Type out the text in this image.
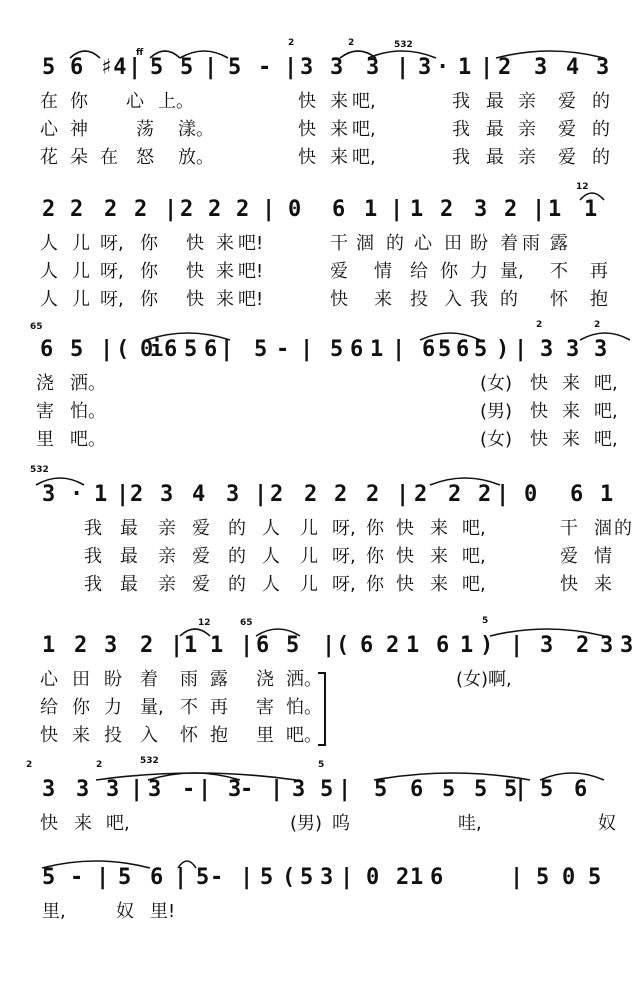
5 6 ♯4 | 5 5 | 5 - | 3 3 3 | 3 · 1 | 2 3 4 3
ff
2	2	532
在 你 心 上。	快 来 吧,	我 最 亲 爱 的
心 神	荡 漾。	快 来 吧,	我 最 亲 爱 的
花 朵 在 怒 放。	快 来 吧,	我 最 亲 爱 的
2 2 2 2 | 2 2 2 | 0 6 1 | 1 2 3 2 | 1 1
12
人 儿 呀, 你 快 来 吧!	干 涸 的 心 田 盼 着 雨 露
人 儿 呀, 你 快 来 吧!	爱 情 给 你 力 量, 不 再
人 儿 呀, 你 快 来 吧!	快 来 投 入 我 的 怀 抱
6 5 | ( 0
i 6 5 6 | 5 - | 5 6 1 | 6 5 6 5 ) | 3 3 3
65	2	2
浇 洒。	(女) 快 来 吧,
害 怕。	(男) 快 来 吧,
里 吧。	(女) 快 来 吧,
3 · 1 | 2 3 4 3 | 2 2 2 2 | 2 2 2 | 0 6 1
532
我 最 亲 爱 的 人 儿 呀, 你 快 来 吧,	干 涸 的
我 最 亲 爱 的 人 儿 呀, 你 快 来 吧,	爱 情
我 最 亲 爱 的 人 儿 呀, 你 快 来 吧,	快 来
1 2 3 2 | 1 1 | 6 5 | ( 6 2 1 6 1 ) | 3 2 3 3
12	65	5
心 田 盼 着 雨 露 浇 洒。	(女) 啊,
给 你 力 量, 不 再 害 怕。
快 来 投 入 怀 抱 里 吧。
3 3 3 | 3 - | 3
- | 3 5 | 5 6 5 5 5
| 5 6
2	2	532	5
快 来 吧,	(男) 呜	哇,	奴
5 - | 5 6 | 5 - | 5 ( 5 3 | 0 2 1 6	| 5 0 5
里,	奴 里!
